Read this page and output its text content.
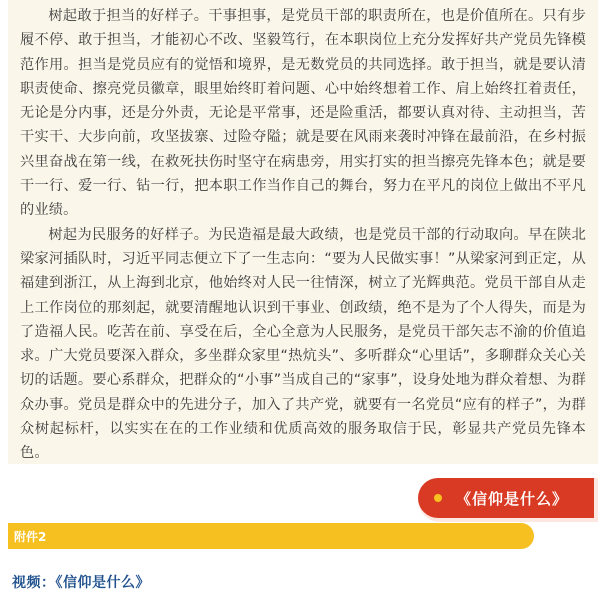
树起敢于担当的好样子。干事担事，是党员干部的职责所在，也是价值所在。只有步履不停、敢于担当，才能初心不改、坚毅笃行，在本职岗位上充分发挥好共产党员先锋模范作用。担当是党员应有的觉悟和境界，是无数党员的共同选择。敢于担当，就是要认清职责使命、擦亮党员徽章，眼里始终盯着问题、心中始终想着工作、肩上始终扛着责任，无论是分内事，还是分外责，无论是平常事，还是险重活，都要认真对待、主动担当，苦干实干、大步向前，攻坚拔寨、过险夺隘；就是要在风雨来袭时冲锋在最前沿，在乡村振兴里奋战在第一线，在救死扶伤时坚守在病患旁，用实打实的担当擦亮先锋本色；就是要干一行、爱一行、钻一行，把本职工作当作自己的舞台，努力在平凡的岗位上做出不平凡的业绩。

树起为民服务的好样子。为民造福是最大政绩，也是党员干部的行动取向。早在陕北梁家河插队时，习近平同志便立下了一生志向：“要为人民做实事！”从梁家河到正定，从福建到浙江，从上海到北京，他始终对人民一往情深，树立了光辉典范。党员干部自从走上工作岗位的那刻起，就要清醒地认识到干事业、创政绩，绝不是为了个人得失，而是为了造福人民。吃苦在前、享受在后，全心全意为人民服务，是党员干部矢志不渝的价值追求。广大党员要深入群众，多坐群众家里“热炕头”、多听群众“心里话”，多聊群众关心关切的话题。要心系群众，把群众的“小事”当成自己的“家事”，设身处地为群众着想、为群众办事。党员是群众中的先进分子，加入了共产党，就要有一名党员“应有的样子”，为群众树起标杆，以实实在在的工作业绩和优质高效的服务取信于民，彰显共产党员先锋本色。

《信仰是什么》
附件2
视频：《信仰是什么》
